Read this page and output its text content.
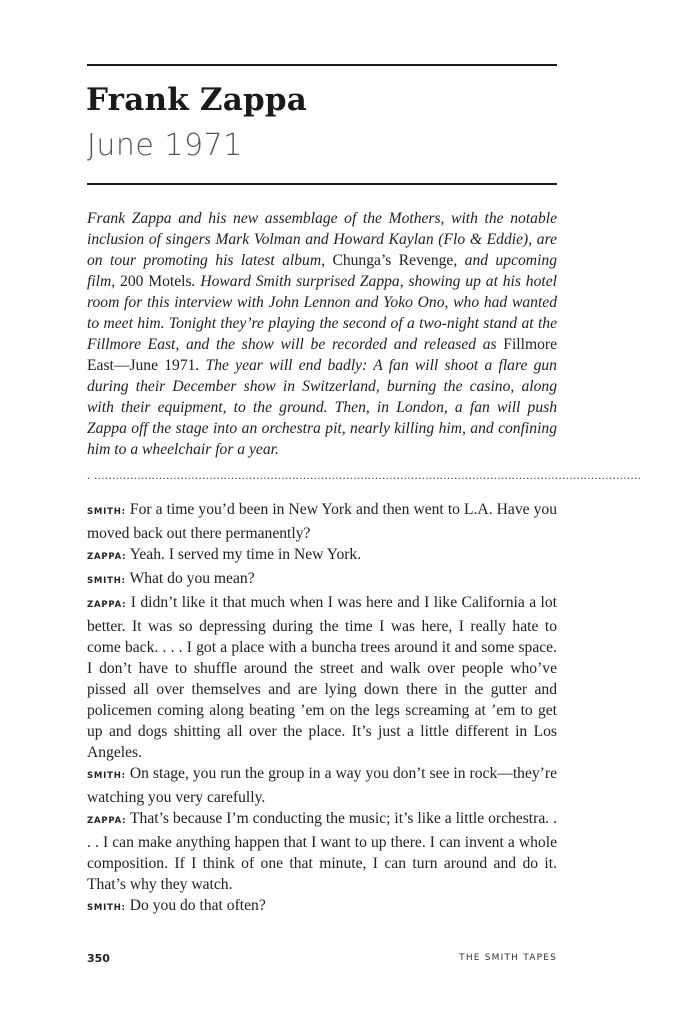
Frank Zappa
June 1971
Frank Zappa and his new assemblage of the Mothers, with the notable inclusion of singers Mark Volman and Howard Kaylan (Flo & Eddie), are on tour promoting his latest album, Chunga’s Revenge, and upcoming film, 200 Motels. Howard Smith surprised Zappa, showing up at his hotel room for this interview with John Lennon and Yoko Ono, who had wanted to meet him. Tonight they’re playing the second of a two-night stand at the Fillmore East, and the show will be recorded and released as Fillmore East—June 1971. The year will end badly: A fan will shoot a flare gun during their December show in Switzerland, burning the casino, along with their equipment, to the ground. Then, in London, a fan will push Zappa off the stage into an orchestra pit, nearly killing him, and confining him to a wheelchair for a year.
. ........................................................................................................................................................

SMITH: For a time you’d been in New York and then went to L.A. Have you moved back out there permanently?

ZAPPA: Yeah. I served my time in New York.

SMITH: What do you mean?

ZAPPA: I didn’t like it that much when I was here and I like California a lot better. It was so depressing during the time I was here, I really hate to come back. . . . I got a place with a buncha trees around it and some space. I don’t have to shuffle around the street and walk over people who’ve pissed all over themselves and are lying down there in the gutter and policemen coming along beating ’em on the legs screaming at ’em to get up and dogs shitting all over the place. It’s just a little different in Los Angeles.

SMITH: On stage, you run the group in a way you don’t see in rock—they’re watching you very carefully.

ZAPPA: That’s because I’m conducting the music; it’s like a little orchestra. . . . I can make anything happen that I want to up there. I can invent a whole composition. If I think of one that minute, I can turn around and do it. That’s why they watch.

SMITH: Do you do that often?

350	THE SMITH TAPES
